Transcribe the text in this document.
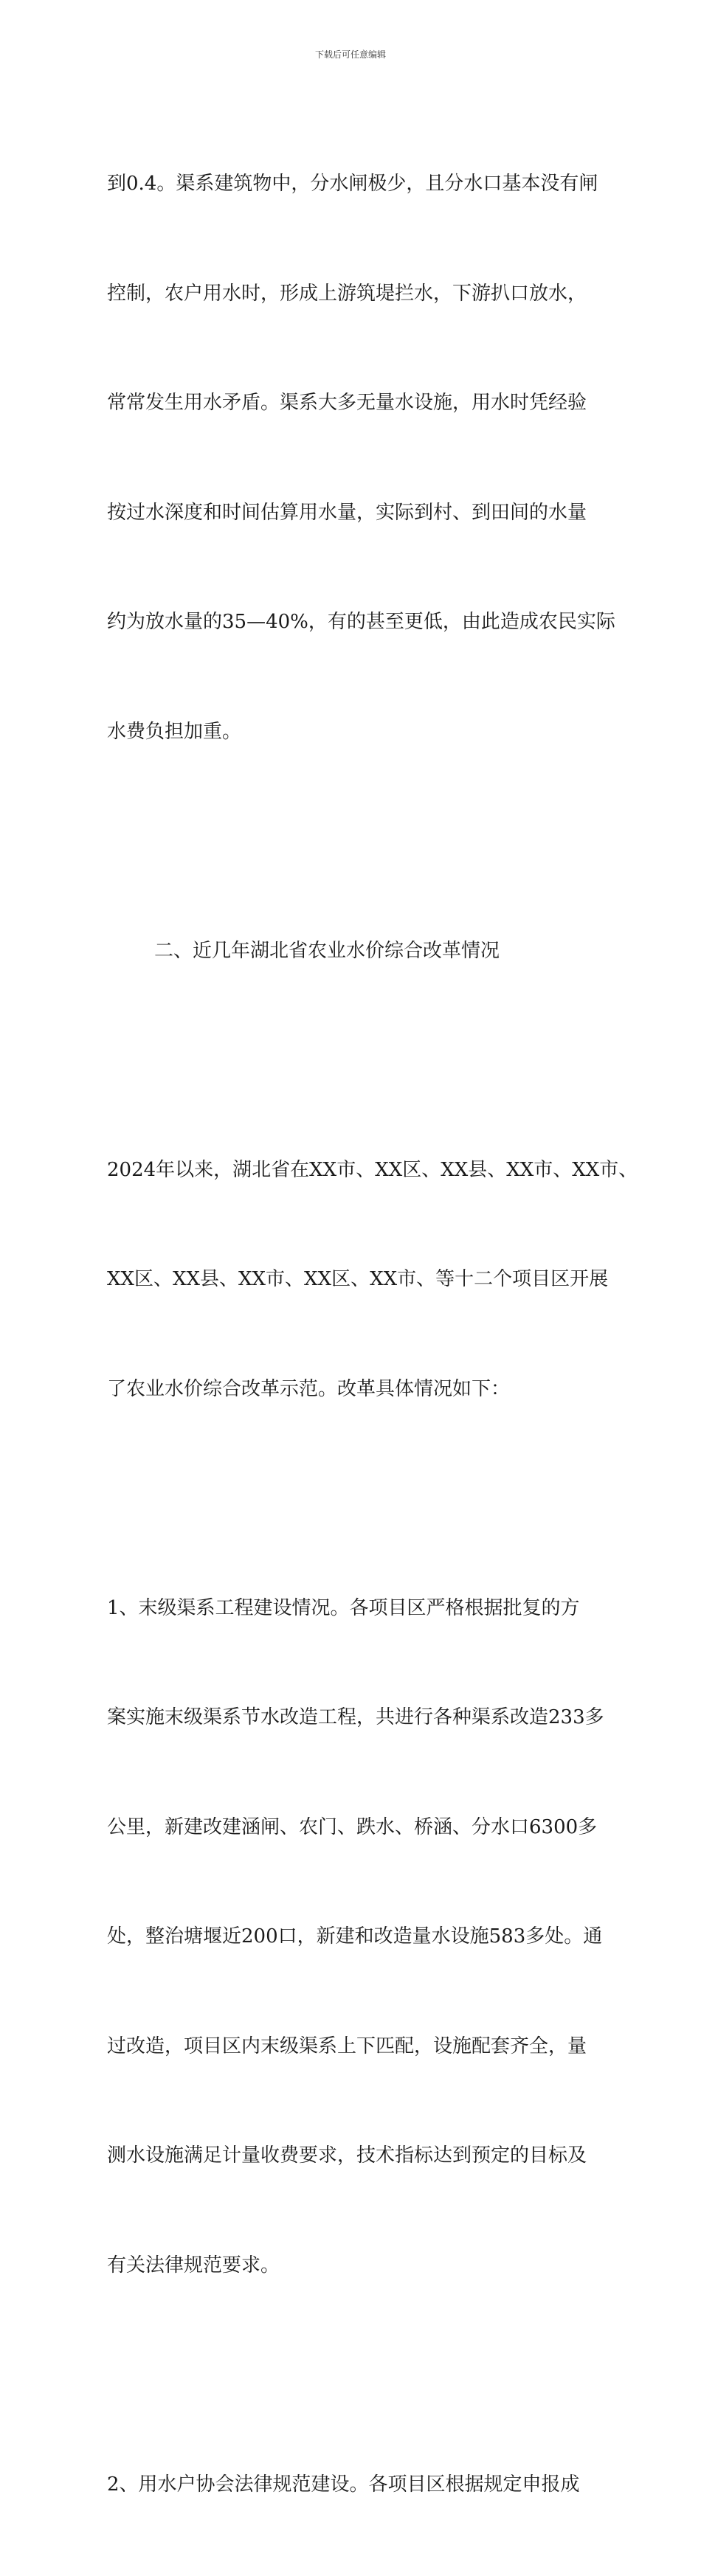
下载后可任意编辑

到0.4。渠系建筑物中，分水闸极少，且分水口基本没有闸

控制，农户用水时，形成上游筑堤拦水，下游扒口放水，

常常发生用水矛盾。渠系大多无量水设施，用水时凭经验

按过水深度和时间估算用水量，实际到村、到田间的水量

约为放水量的35—40%，有的甚至更低，由此造成农民实际

水费负担加重。

二、近几年湖北省农业水价综合改革情况

2024年以来，湖北省在XX市、XX区、XX县、XX市、XX市、

XX区、XX县、XX市、XX区、XX市、等十二个项目区开展

了农业水价综合改革示范。改革具体情况如下：

1、末级渠系工程建设情况。各项目区严格根据批复的方

案实施末级渠系节水改造工程，共进行各种渠系改造233多

公里，新建改建涵闸、农门、跌水、桥涵、分水口6300多

处，整治塘堰近200口，新建和改造量水设施583多处。通

过改造，项目区内末级渠系上下匹配，设施配套齐全，量

测水设施满足计量收费要求，技术指标达到预定的目标及

有关法律规范要求。

2、用水户协会法律规范建设。各项目区根据规定申报成
